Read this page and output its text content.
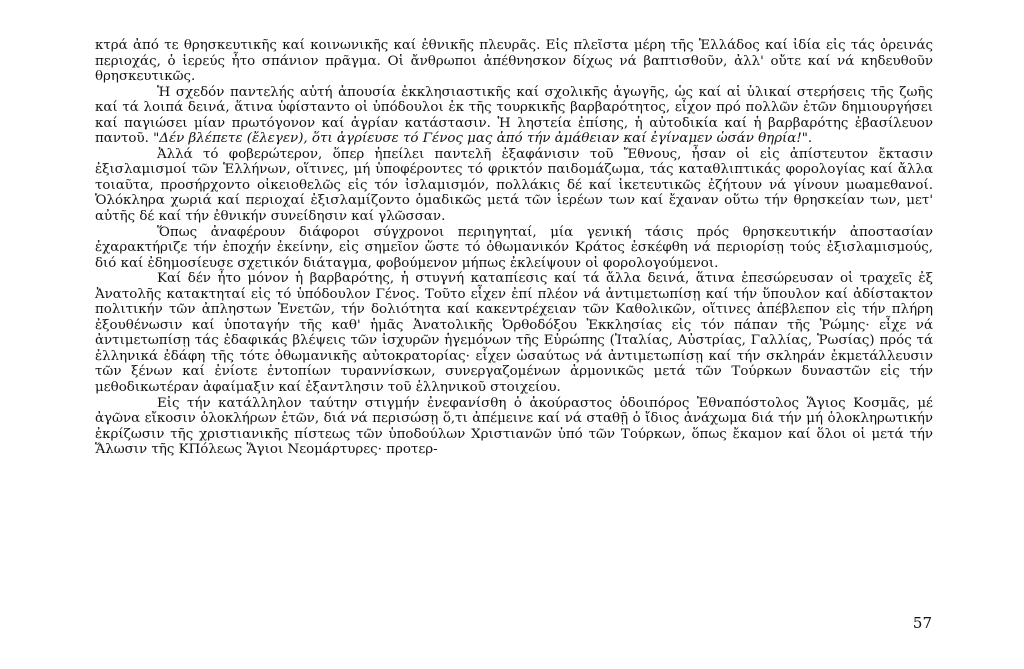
κτρά ἀπό τε θρησκευτικῆς καί κοινωνικῆς καί ἐθνικῆς πλευρᾶς. Εἰς πλεῖστα μέρη τῆς Ἑλλάδος καί ἰδία εἰς τάς ὀρεινάς περιοχάς, ὁ ἱερεύς ἦτο σπάνιον πρᾶγμα. Οἱ ἄνθρωποι ἀπέθνησκον δίχως νά βαπτισθοῦν, ἀλλ' οὔτε καί νά κηδευθοῦν θρησκευτικῶς.

Ἡ σχεδόν παντελής αὐτή ἀπουσία ἐκκλησιαστικῆς καί σχολικῆς ἀγωγῆς, ὡς καί αἱ ὑλικαί στερήσεις τῆς ζωῆς καί τά λοιπά δεινά, ἅτινα ὑφίσταντο οἱ ὑπόδουλοι ἐκ τῆς τουρκικῆς βαρβαρότητος, εἶχον πρό πολλῶν ἐτῶν δημιουργήσει καί παγιώσει μίαν πρωτόγονον καί ἀγρίαν κατάστασιν. Ἡ ληστεία ἐπίσης, ἡ αὐτοδικία καί ἡ βαρβαρότης ἐβασίλευον παντοῦ. "Δέν βλέπετε (ἔλεγεν), ὅτι ἀγρίευσε τό Γένος μας ἀπό τήν ἀμάθειαν καί ἐγίναμεν ὡσάν θηρία!".

Ἀλλά τό φοβερώτερον, ὅπερ ἠπείλει παντελῆ ἐξαφάνισιν τοῦ Ἔθνους, ἦσαν οἱ εἰς ἀπίστευτον ἔκτασιν ἐξισλαμισμοί τῶν Ἑλλήνων, οἵτινες, μή ὑποφέροντες τό φρικτόν παιδομάζωμα, τάς καταθλιπτικάς φορολογίας καί ἄλλα τοιαῦτα, προσήρχοντο οἰκειοθελῶς εἰς τόν ἰσλαμισμόν, πολλάκις δέ καί ἱκετευτικῶς ἐζήτουν νά γίνουν μωαμεθανοί. Ὁλόκληρα χωριά καί περιοχαί ἐξισλαμίζοντο ὁμαδικῶς μετά τῶν ἱερέων των καί ἔχαναν οὕτω τήν θρησκείαν των, μετ' αὐτῆς δέ καί τήν ἐθνικήν συνείδησιν καί γλῶσσαν.

Ὅπως ἀναφέρουν διάφοροι σύγχρονοι περιηγηταί, μία γενική τάσις πρός θρησκευτικήν ἀποστασίαν ἐχαρακτήριζε τήν ἐποχήν ἐκείνην, εἰς σημεῖον ὥστε τό ὀθωμανικόν Κράτος ἐσκέφθη νά περιορίσῃ τούς ἐξισλαμισμούς, διό καί ἐδημοσίευσε σχετικόν διάταγμα, φοβούμενον μήπως ἐκλείψουν οἱ φορολογούμενοι.

Καί δέν ἦτο μόνον ἡ βαρβαρότης, ἡ στυγνή καταπίεσις καί τά ἄλλα δεινά, ἅτινα ἐπεσώρευσαν οἱ τραχεῖς ἐξ Ἀνατολῆς κατακτηταί εἰς τό ὑπόδουλον Γένος. Τοῦτο εἶχεν ἐπί πλέον νά ἀντιμετωπίσῃ καί τήν ὕπουλον καί ἀδίστακτον πολιτικήν τῶν ἀπληστων Ἑνετῶν, τήν δολιότητα καί κακεντρέχειαν τῶν Καθολικῶν, οἵτινες ἀπέβλεπον εἰς τήν πλήρη ἐξουθένωσιν καί ὑποταγήν τῆς καθ' ἡμᾶς Ἀνατολικῆς Ὀρθοδόξου Ἐκκλησίας εἰς τόν πάπαν τῆς Ῥώμης· εἶχε νά ἀντιμετωπίσῃ τάς ἐδαφικάς βλέψεις τῶν ἰσχυρῶν ἡγεμόνων τῆς Εὐρώπης (Ἰταλίας, Αὐστρίας, Γαλλίας, Ῥωσίας) πρός τά ἑλληνικά ἐδάφη τῆς τότε ὀθωμανικῆς αὐτοκρατορίας· εἶχεν ὡσαύτως νά ἀντιμετωπίσῃ καί τήν σκληράν ἐκμετάλλευσιν τῶν ξένων καί ἐνίοτε ἐντοπίων τυραννίσκων, συνεργαζομένων ἁρμονικῶς μετά τῶν Τούρκων δυναστῶν εἰς τήν μεθοδικωτέραν ἀφαίμαξιν καί ἐξαντλησιν τοῦ ἑλληνικοῦ στοιχείου.

Εἰς τήν κατάλληλον ταύτην στιγμήν ἐνεφανίσθη ὁ ἀκούραστος ὁδοιπόρος Ἐθναπόστολος Ἅγιος Κοσμᾶς, μέ ἀγῶνα εἴκοσιν ὁλοκλήρων ἐτῶν, διά νά περισώσῃ ὅ,τι ἀπέμεινε καί νά σταθῇ ὁ ἴδιος ἀνάχωμα διά τήν μή ὁλοκληρωτικήν ἐκρίζωσιν τῆς χριστιανικῆς πίστεως τῶν ὑποδούλων Χριστιανῶν ὑπό τῶν Τούρκων, ὅπως ἔκαμον καί ὅλοι οἱ μετά τήν Ἅλωσιν τῆς ΚΠόλεως Ἅγιοι Νεομάρτυρες· προτερ-

57
